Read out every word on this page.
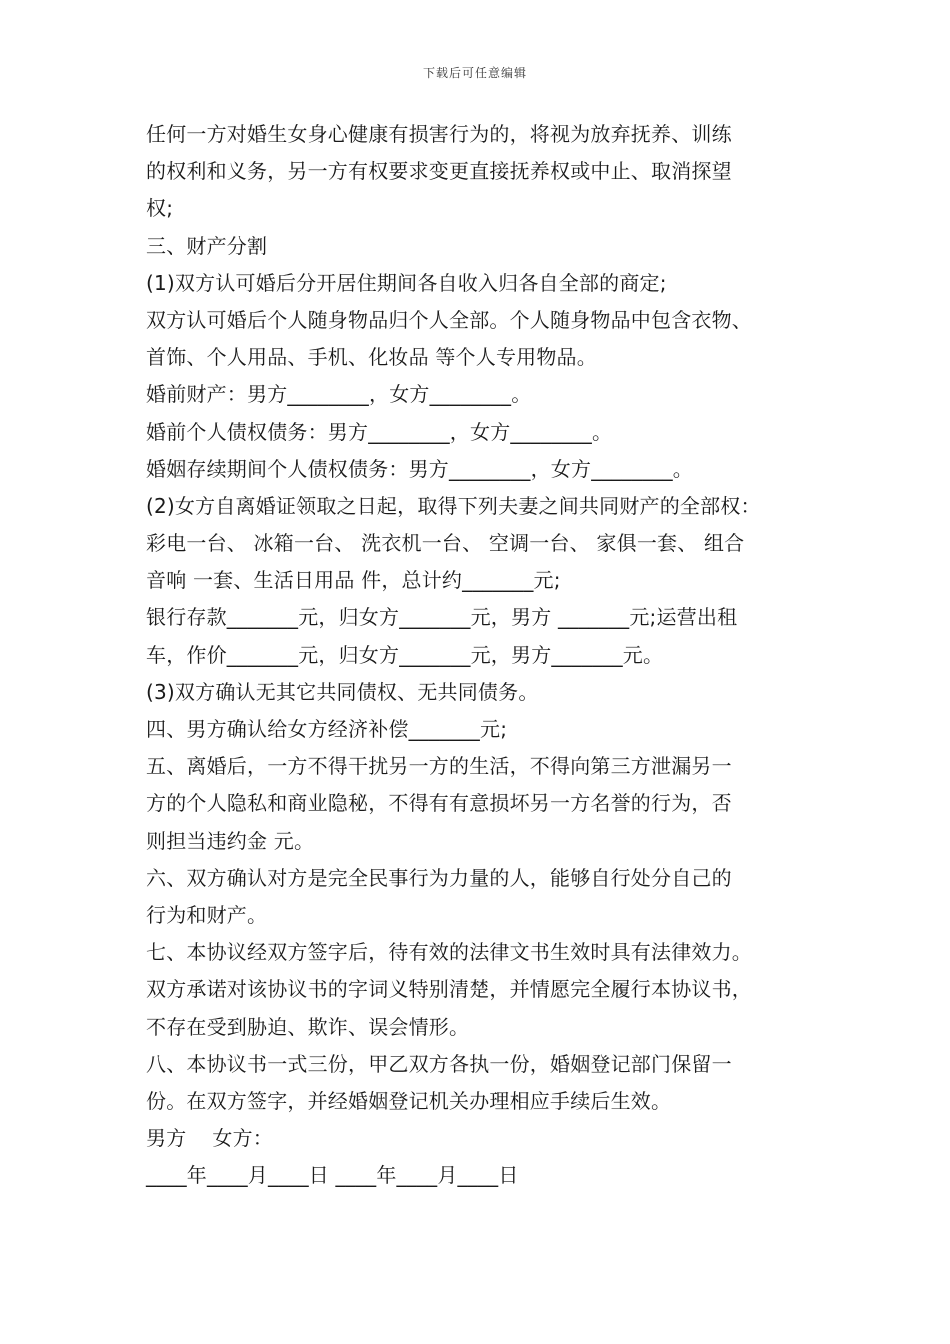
下载后可任意编辑
任何一方对婚生女身心健康有损害行为的，将视为放弃抚养、训练
的权利和义务，另一方有权要求变更直接抚养权或中止、取消探望
权;
三、财产分割
(1)双方认可婚后分开居住期间各自收入归各自全部的商定;
双方认可婚后个人随身物品归个人全部。个人随身物品中包含衣物、
首饰、个人用品、手机、化妆品 等个人专用物品。
婚前财产：男方________，女方________。
婚前个人债权债务：男方________，女方________。
婚姻存续期间个人债权债务：男方________，女方________。
(2)女方自离婚证领取之日起，取得下列夫妻之间共同财产的全部权：
彩电一台、 冰箱一台、 洗衣机一台、 空调一台、 家俱一套、 组合
音响 一套、生活日用品 件，总计约_______元;
银行存款_______元，归女方_______元，男方 _______元;运营出租
车，作价_______元，归女方_______元，男方_______元。
(3)双方确认无其它共同债权、无共同债务。
四、男方确认给女方经济补偿_______元;
五、离婚后，一方不得干扰另一方的生活，不得向第三方泄漏另一
方的个人隐私和商业隐秘，不得有有意损坏另一方名誉的行为，否
则担当违约金 元。
六、双方确认对方是完全民事行为力量的人，能够自行处分自己的
行为和财产。
七、本协议经双方签字后，待有效的法律文书生效时具有法律效力。
双方承诺对该协议书的字词义特别清楚，并情愿完全履行本协议书，
不存在受到胁迫、欺诈、误会情形。
八、本协议书一式三份，甲乙双方各执一份，婚姻登记部门保留一
份。在双方签字，并经婚姻登记机关办理相应手续后生效。
男方 女方：
____年____月____日 ____年____月____日
